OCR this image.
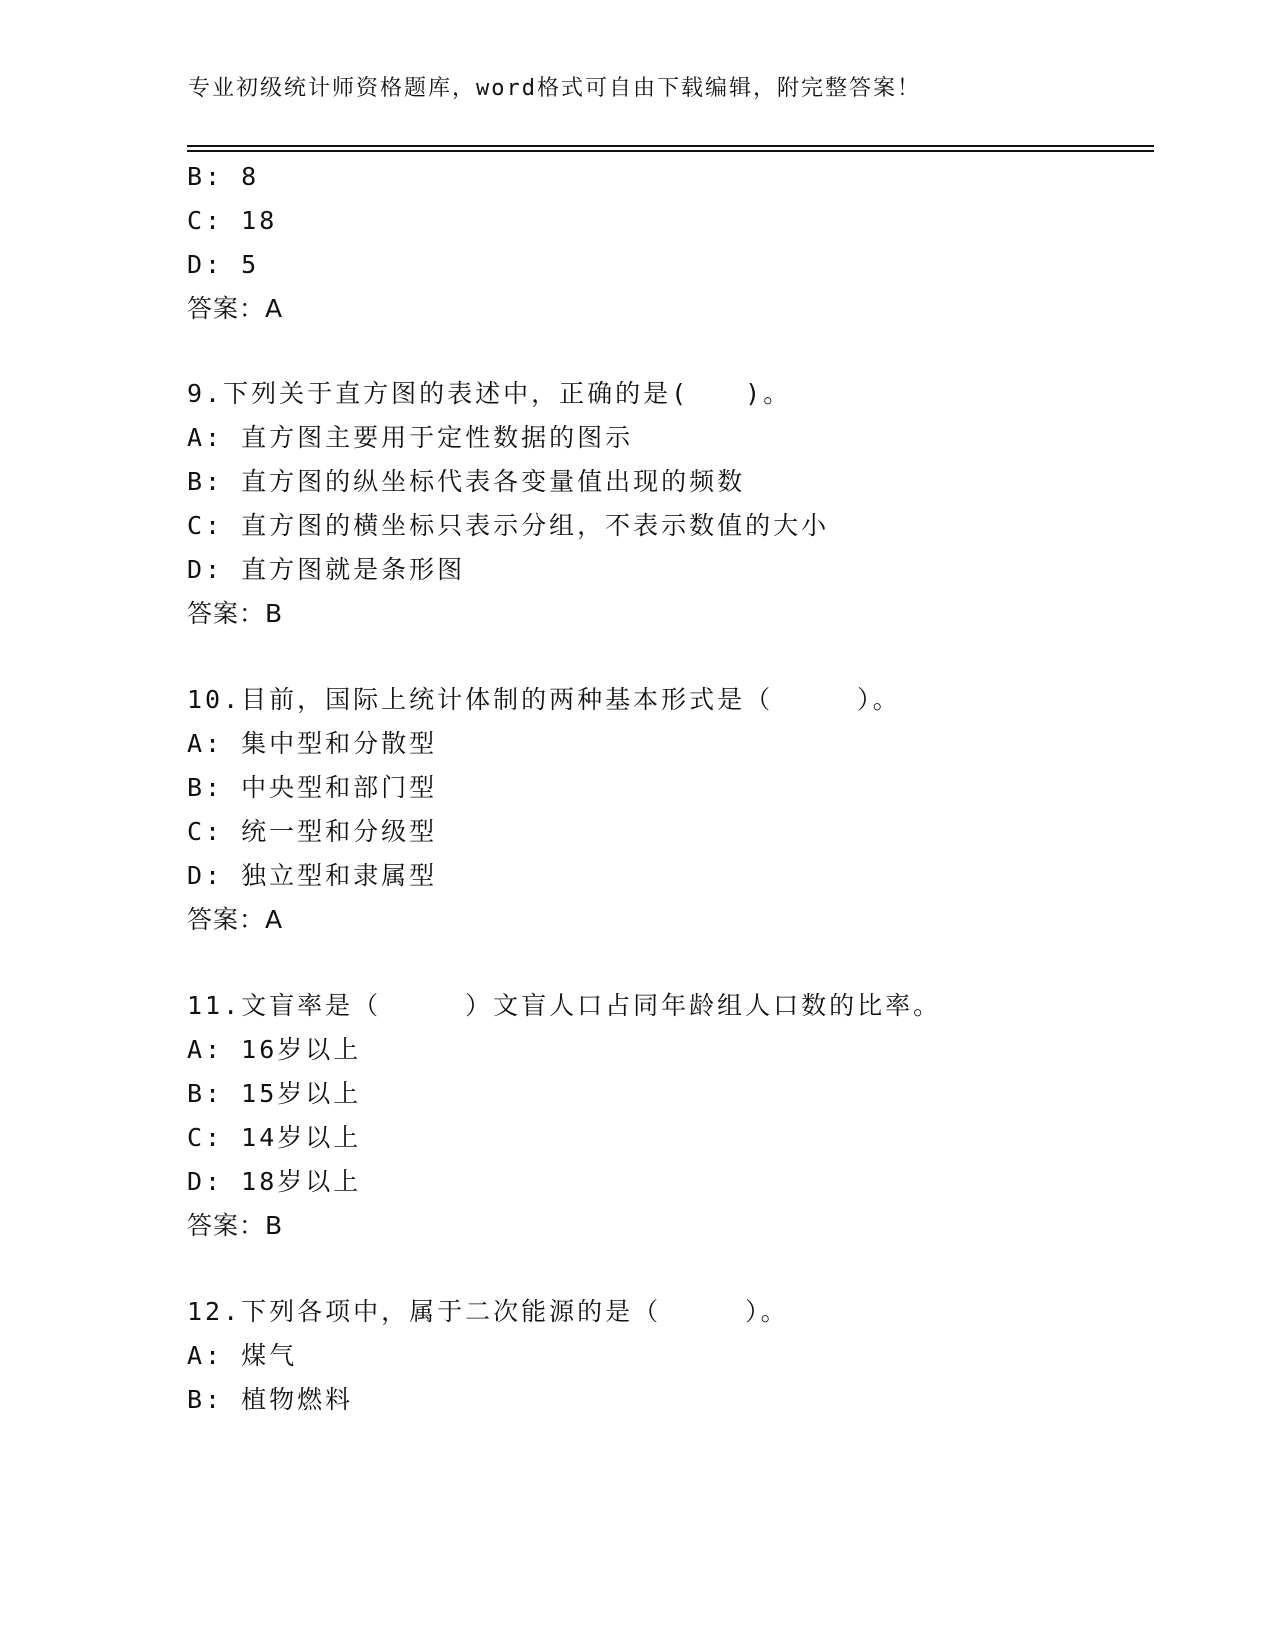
专业初级统计师资格题库，word格式可自由下载编辑，附完整答案！
B: 8
C: 18
D: 5
答案：A
9.下列关于直方图的表述中，正确的是(　　)。
A: 直方图主要用于定性数据的图示
B: 直方图的纵坐标代表各变量值出现的频数
C: 直方图的横坐标只表示分组，不表示数值的大小
D: 直方图就是条形图
答案：B
10.目前，国际上统计体制的两种基本形式是（　　　）。
A: 集中型和分散型
B: 中央型和部门型
C: 统一型和分级型
D: 独立型和隶属型
答案：A
11.文盲率是（　　　）文盲人口占同年龄组人口数的比率。
A: 16岁以上
B: 15岁以上
C: 14岁以上
D: 18岁以上
答案：B
12.下列各项中，属于二次能源的是（　　　）。
A: 煤气
B: 植物燃料
